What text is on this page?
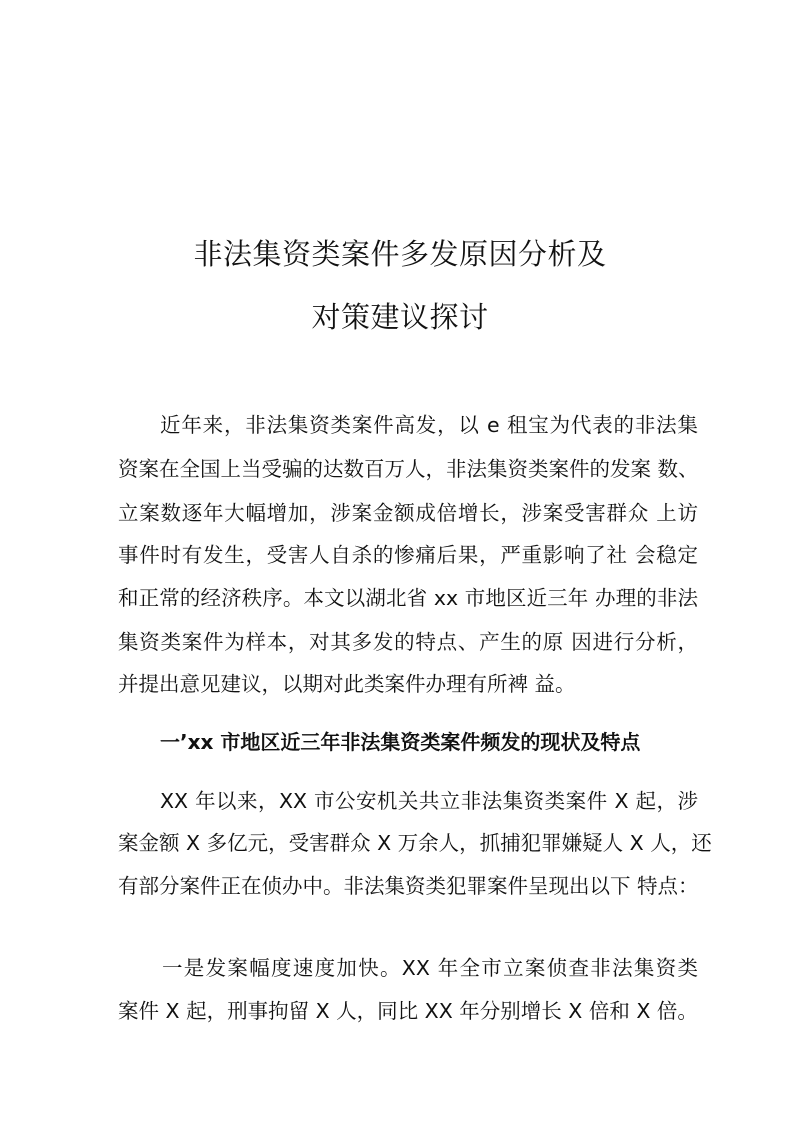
非法集资类案件多发原因分析及
对策建议探讨
近年来，非法集资类案件高发，以 e 租宝为代表的非法集
资案在全国上当受骗的达数百万人，非法集资类案件的发案 数、
立案数逐年大幅增加，涉案金额成倍增长，涉案受害群众 上访
事件时有发生，受害人自杀的惨痛后果，严重影响了社 会稳定
和正常的经济秩序。本文以湖北省 xx 市地区近三年 办理的非法
集资类案件为样本，对其多发的特点、产生的原 因进行分析，
并提出意见建议，以期对此类案件办理有所裨 益。
一’xx 市地区近三年非法集资类案件频发的现状及特点
XX 年以来，XX 市公安机关共立非法集资类案件 X 起，涉
案金额 X 多亿元，受害群众 X 万余人，抓捕犯罪嫌疑人 X 人，还
有部分案件正在侦办中。非法集资类犯罪案件呈现出以下 特点：
一是发案幅度速度加快。XX 年全市立案侦查非法集资类
案件 X 起，刑事拘留 X 人，同比 XX 年分别增长 X 倍和 X 倍。
